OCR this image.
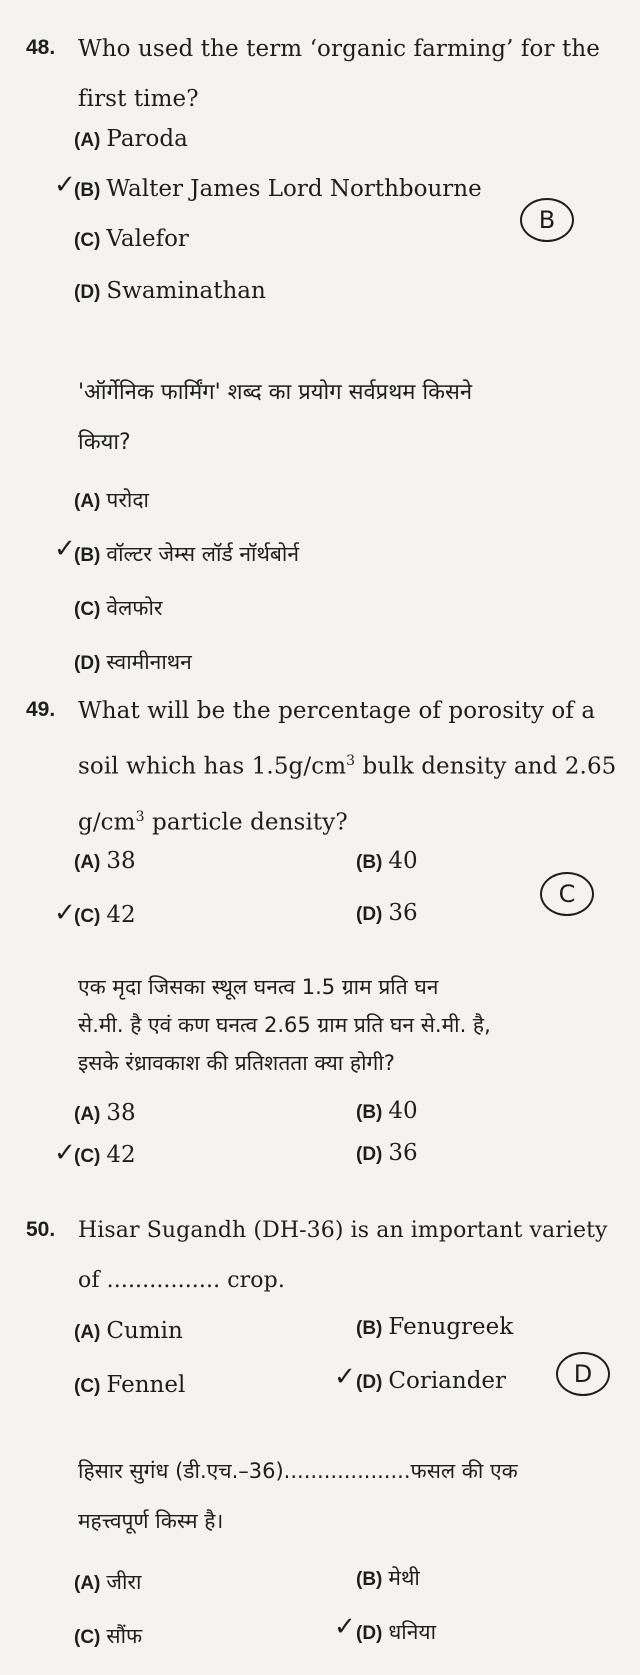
48. Who used the term ‘organic farming’ for the
first time?
(A) Paroda
✓
(B) Walter James Lord Northbourne
B
(C) Valefor
(D) Swaminathan
'ऑर्गेनिक फार्मिंग' शब्द का प्रयोग सर्वप्रथम किसने
किया?
(A) परोदा
✓
(B) वॉल्टर जेम्स लॉर्ड नॉर्थबोर्न
(C) वेलफोर
(D) स्वामीनाथन
49. What will be the percentage of porosity of a
soil which has $1.5g/cm^3$ bulk density and 2.65
$g/cm^3$ particle density?
(A) 38	(B) 40
C
✓
(C) 42	(D) 36
एक मृदा जिसका स्थूल घनत्व 1.5 ग्राम प्रति घन
से.मी. है एवं कण घनत्व 2.65 ग्राम प्रति घन से.मी. है,
इसके रंध्रावकाश की प्रतिशतता क्या होगी?
(A) 38	(B) 40
✓
(C) 42	(D) 36
50. Hisar Sugandh (DH-36) is an important variety
of ................ crop.
(A) Cumin	(B) Fenugreek
(C) Fennel	✓ (D) Coriander	D
हिसार सुगंध (डी.एच.–36)...................फसल की एक
महत्त्वपूर्ण किस्म है।
(A) जीरा	(B) मेथी
(C) सौंफ	✓ (D) धनिया
